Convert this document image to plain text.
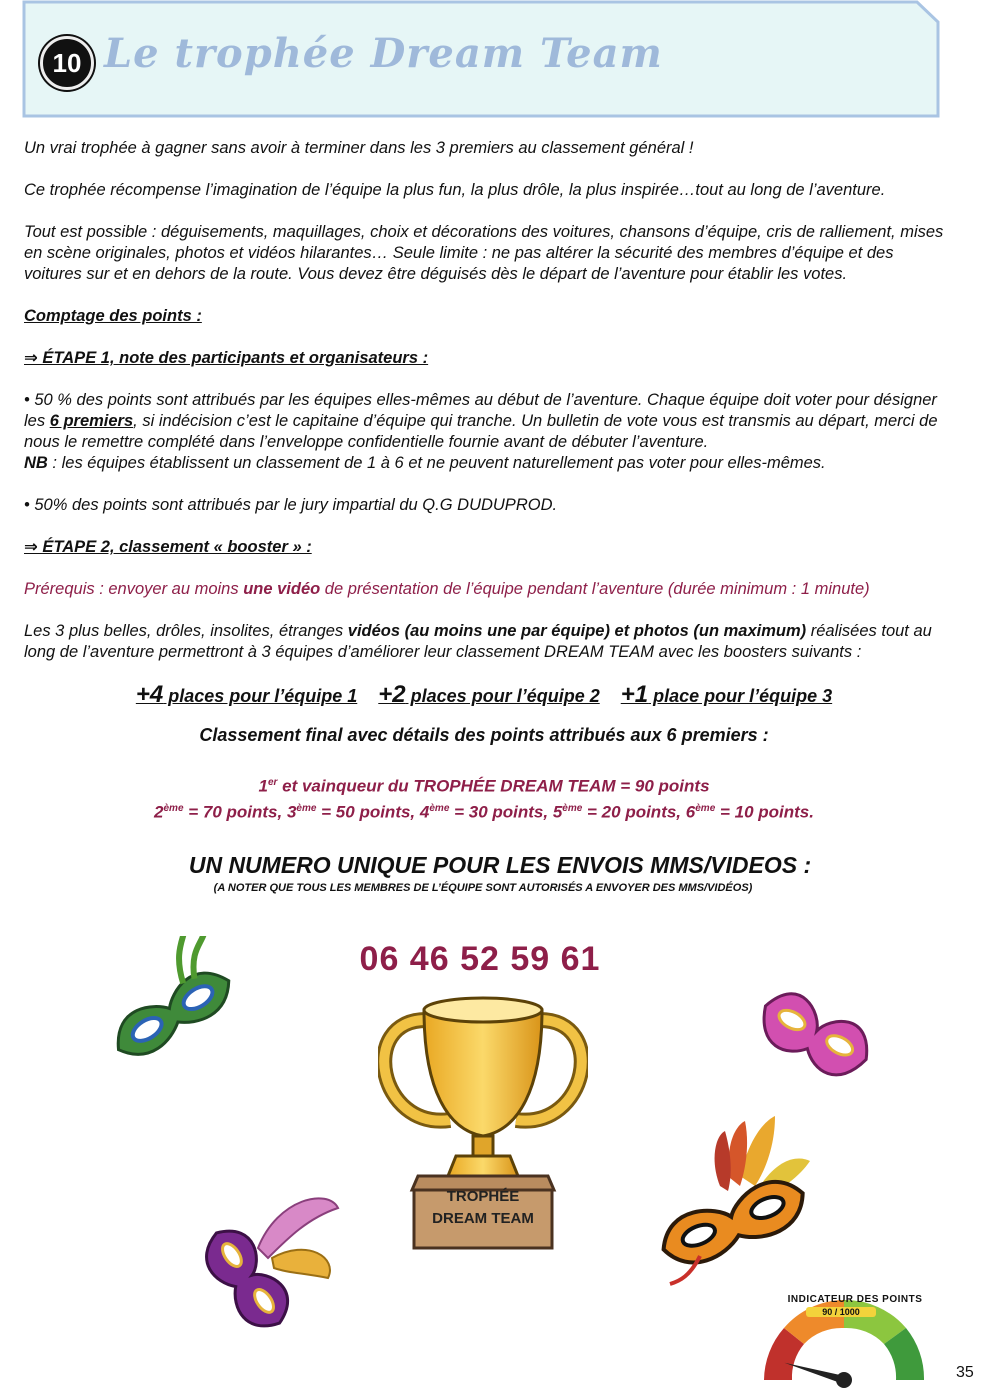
10 Le trophée Dream Team

Un vrai trophée à gagner sans avoir à terminer dans les 3 premiers au classement général !

Ce trophée récompense l’imagination de l’équipe la plus fun, la plus drôle, la plus inspirée…tout au long de l’aventure.

Tout est possible : déguisements, maquillages, choix et décorations des voitures, chansons d’équipe, cris de ralliement, mises en scène originales, photos et vidéos hilarantes… Seule limite : ne pas altérer la sécurité des membres d’équipe et des voitures sur et en dehors de la route. Vous devez être déguisés dès le départ de l’aventure pour établir les votes.

Comptage des points :

⇒ ÉTAPE 1, note des participants et organisateurs :

• 50 % des points sont attribués par les équipes elles-mêmes au début de l’aventure. Chaque équipe doit voter pour désigner les 6 premiers, si indécision c’est le capitaine d’équipe qui tranche. Un bulletin de vote vous est transmis au départ, merci de nous le remettre complété dans l’enveloppe confidentielle fournie avant de débuter l’aventure.

NB : les équipes établissent un classement de 1 à 6 et ne peuvent naturellement pas voter pour elles-mêmes.

• 50% des points sont attribués par le jury impartial du Q.G DUDUPROD.

⇒ ÉTAPE 2, classement « booster » :

Prérequis : envoyer au moins une vidéo de présentation de l’équipe pendant l’aventure (durée minimum : 1 minute)

Les 3 plus belles, drôles, insolites, étranges vidéos (au moins une par équipe) et photos (un maximum) réalisées tout au long de l’aventure permettront à 3 équipes d’améliorer leur classement DREAM TEAM avec les boosters suivants :

+4 places pour l’équipe 1 +2 places pour l’équipe 2 +1 place pour l’équipe 3
Classement final avec détails des points attribués aux 6 premiers :
1er et vainqueur du TROPHÉE DREAM TEAM = 90 points
2ème = 70 points, 3ème = 50 points, 4ème = 30 points, 5ème = 20 points, 6ème = 10 points.
UN NUMERO UNIQUE POUR LES ENVOIS MMS/VIDEOS :
(A NOTER QUE TOUS LES MEMBRES DE L’ÉQUIPE SONT AUTORISÉS A ENVOYER DES MMS/VIDÉOS)
06 46 52 59 61
TROPHÉE
DREAM TEAM
INDICATEUR DES POINTS
90 / 1000
35
